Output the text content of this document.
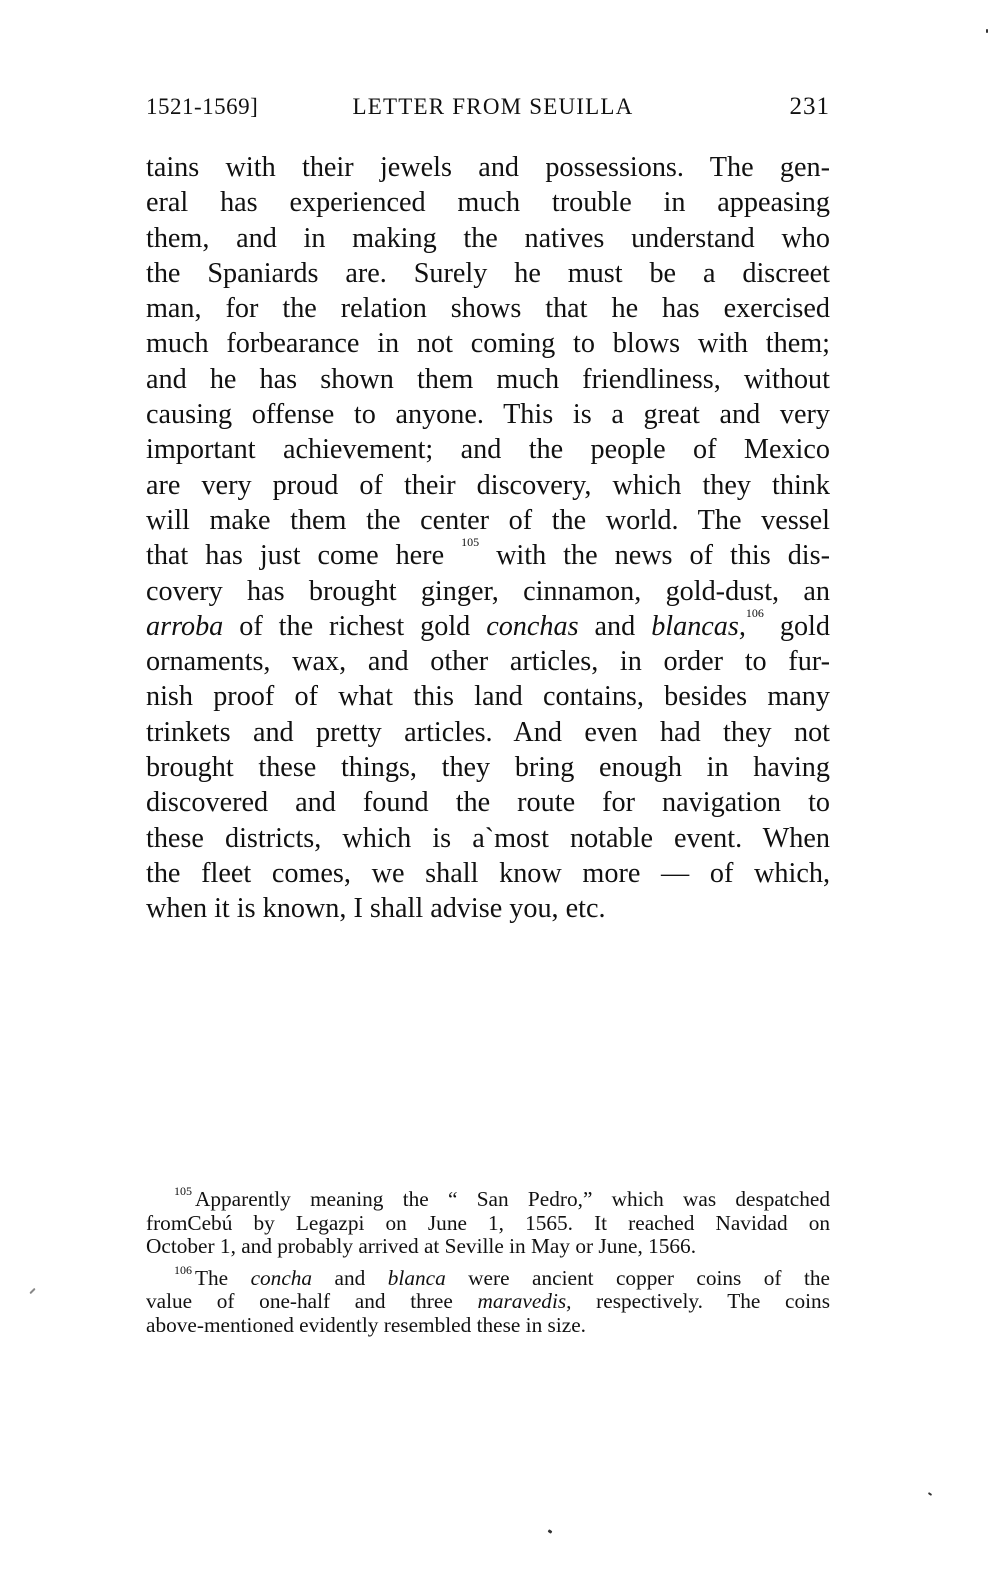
1521-1569]	LETTER FROM SEUILLA	231
tains with their jewels and possessions. The gen-
eral has experienced much trouble in appeasing
them, and in making the natives understand who
the Spaniards are. Surely he must be a discreet
man, for the relation shows that he has exercised
much forbearance in not coming to blows with them;
and he has shown them much friendliness, without
causing offense to anyone. This is a great and very
important achievement; and the people of Mexico
are very proud of their discovery, which they think
will make them the center of the world. The vessel
that has just come here $^{105}$ with the news of this dis-
covery has brought ginger, cinnamon, gold-dust, an
arroba of the richest gold conchas and blancas,$^{106}$ gold
ornaments, wax, and other articles, in order to fur-
nish proof of what this land contains, besides many
trinkets and pretty articles. And even had they not
brought these things, they bring enough in having
discovered and found the route for navigation to
these districts, which is a`most notable event. When
the fleet comes, we shall know more — of which,
when it is known, I shall advise you, etc.
$^{105}$ Apparently meaning the “ San Pedro,” which was despatched
fromCebú by Legazpi on June 1, 1565. It reached Navidad on
October 1, and probably arrived at Seville in May or June, 1566.
$^{106}$ The concha and blanca were ancient copper coins of the
value of one-half and three maravedis, respectively. The coins
above-mentioned evidently resembled these in size.
